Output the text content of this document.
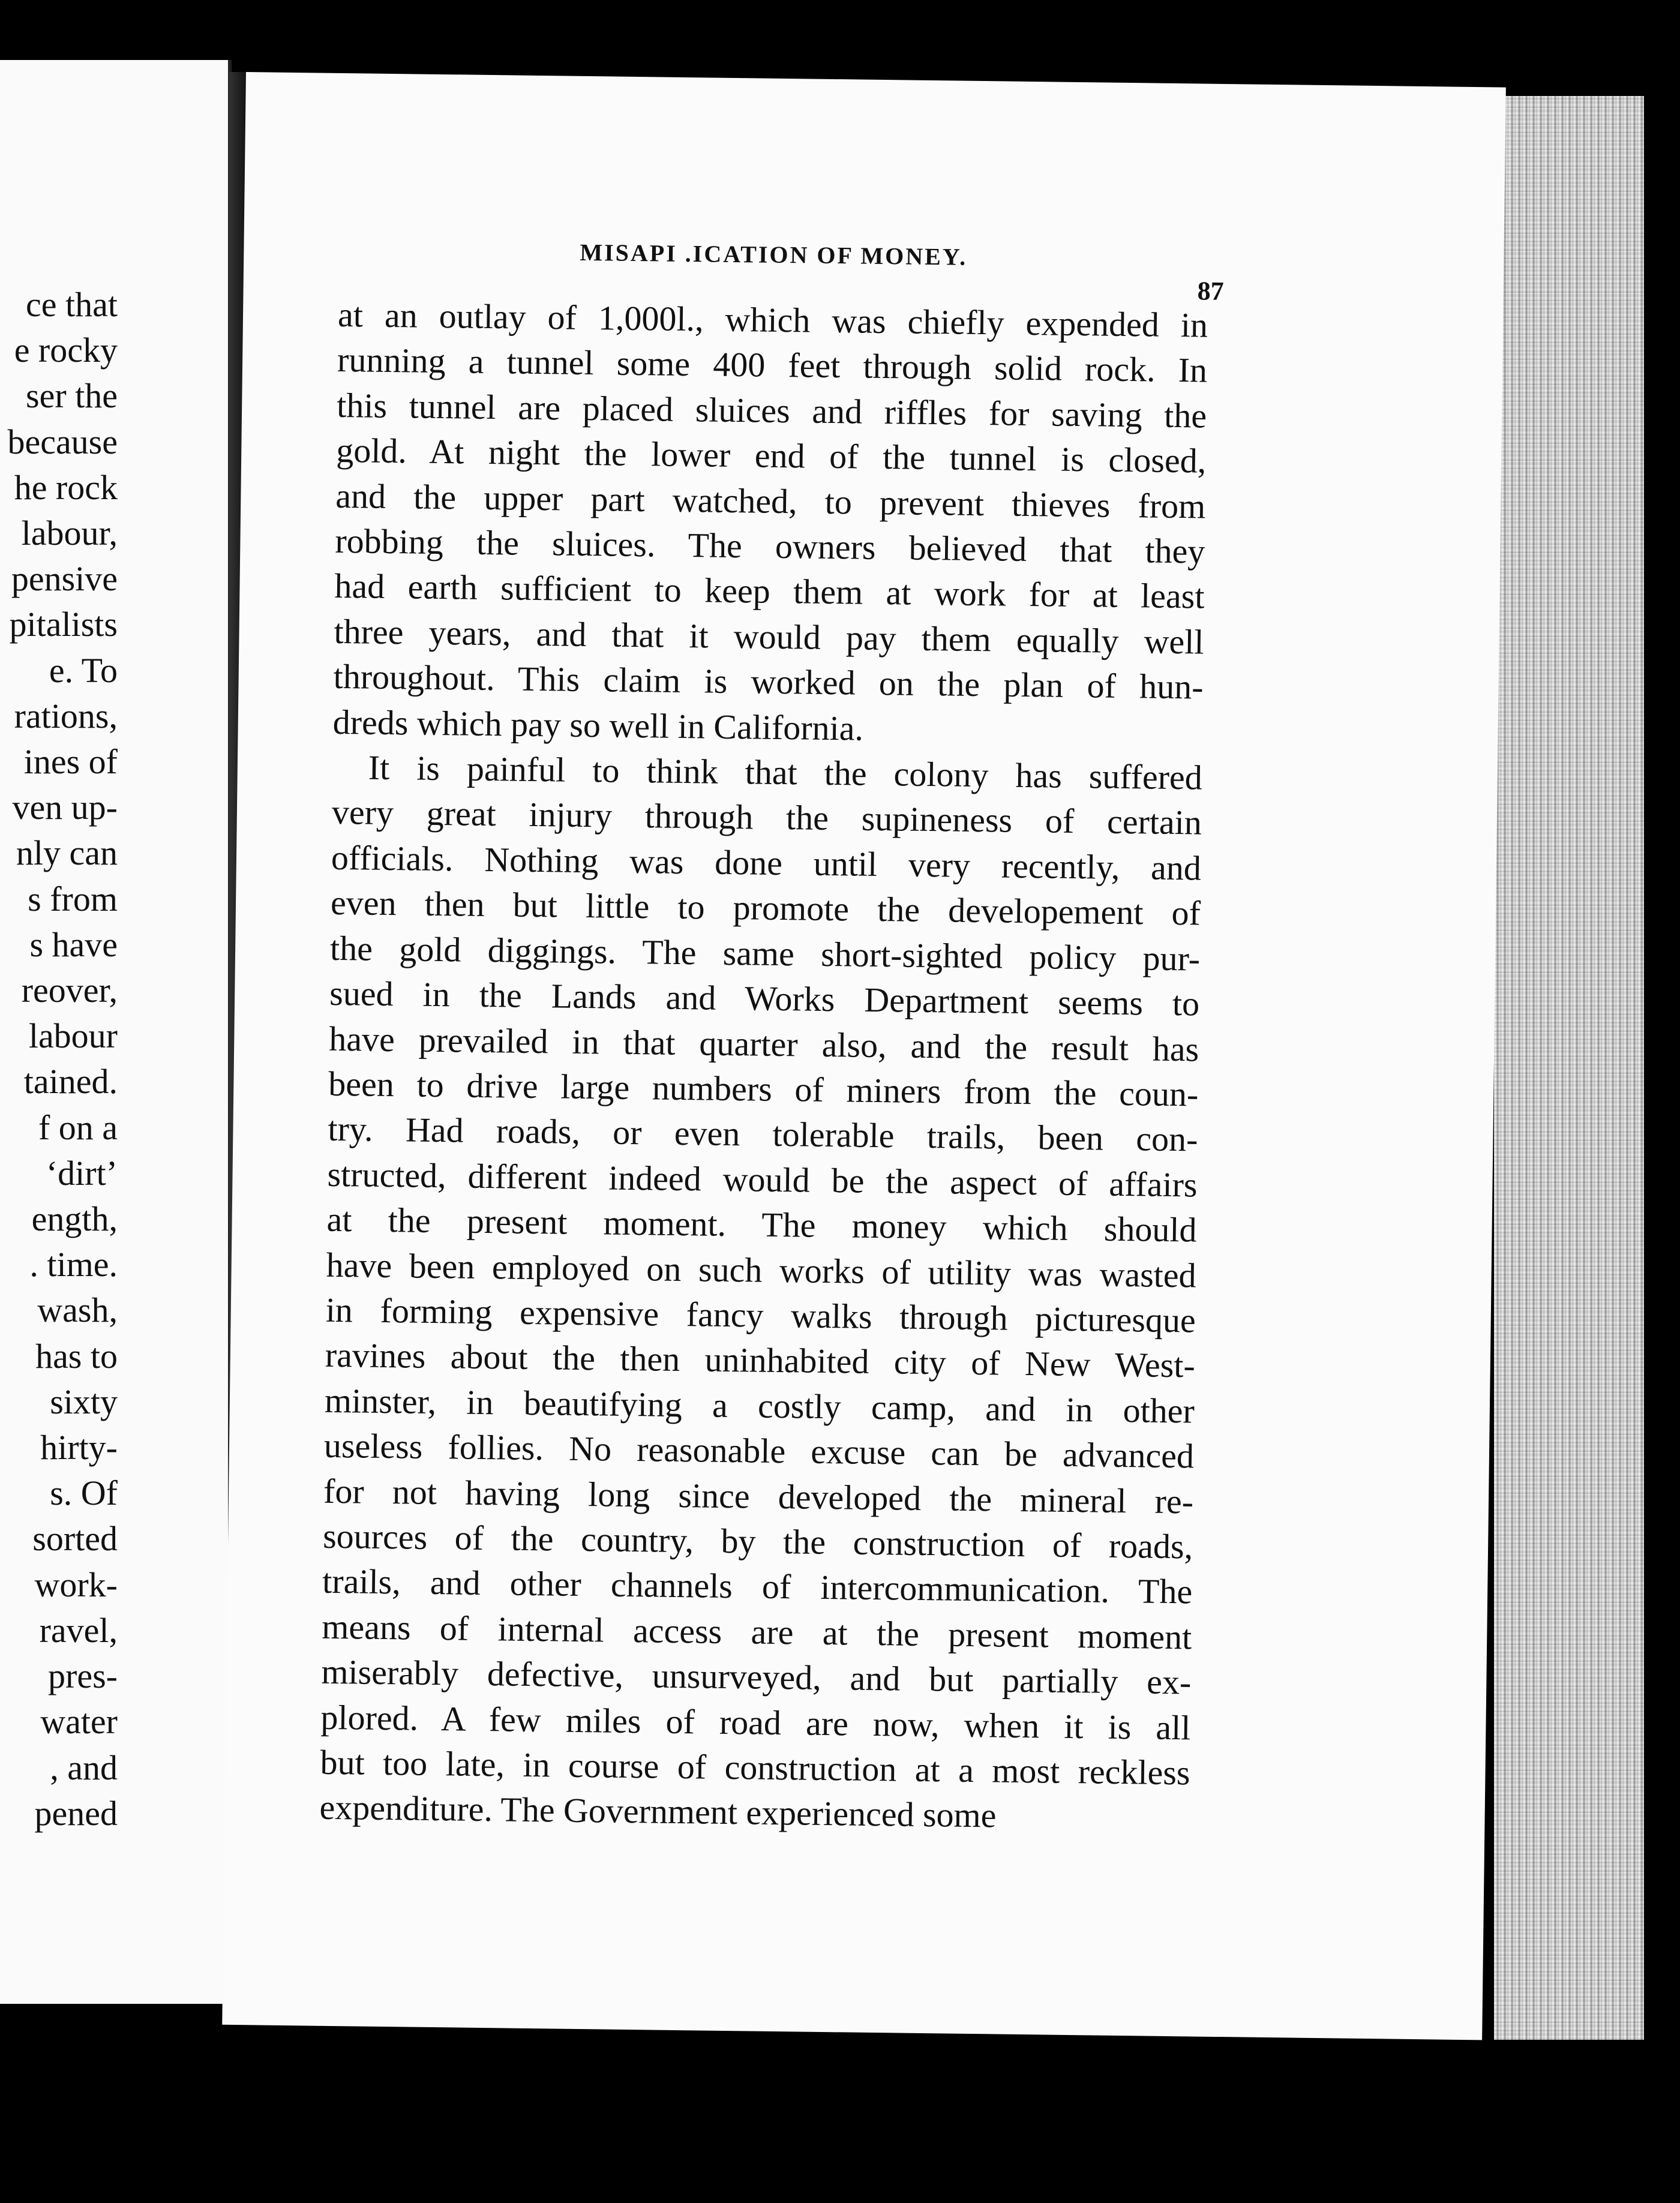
ce that
e rocky
ser the
because
he rock
labour,
pensive
pitalists
e. To
rations,
ines of
ven up-
nly can
s from
s have
reover,
labour
tained.
f on a
‘dirt’
ength,
. time.
wash,
has to
sixty
hirty-
s. Of
sorted
work-
ravel,
pres-
water
, and
pened
MISAPI .ICATION OF MONEY.
87
at an outlay of 1,000l., which was chiefly expended in
running a tunnel some 400 feet through solid rock. In
this tunnel are placed sluices and riffles for saving the
gold. At night the lower end of the tunnel is closed,
and the upper part watched, to prevent thieves from
robbing the sluices. The owners believed that they
had earth sufficient to keep them at work for at least
three years, and that it would pay them equally well
throughout. This claim is worked on the plan of hun-
dreds which pay so well in California.
It is painful to think that the colony has suffered
very great injury through the supineness of certain
officials. Nothing was done until very recently, and
even then but little to promote the developement of
the gold diggings. The same short-sighted policy pur-
sued in the Lands and Works Department seems to
have prevailed in that quarter also, and the result has
been to drive large numbers of miners from the coun-
try. Had roads, or even tolerable trails, been con-
structed, different indeed would be the aspect of affairs
at the present moment. The money which should
have been employed on such works of utility was wasted
in forming expensive fancy walks through picturesque
ravines about the then uninhabited city of New West-
minster, in beautifying a costly camp, and in other
useless follies. No reasonable excuse can be advanced
for not having long since developed the mineral re-
sources of the country, by the construction of roads,
trails, and other channels of intercommunication. The
means of internal access are at the present moment
miserably defective, unsurveyed, and but partially ex-
plored. A few miles of road are now, when it is all
but too late, in course of construction at a most reckless
expenditure. The Government experienced some
